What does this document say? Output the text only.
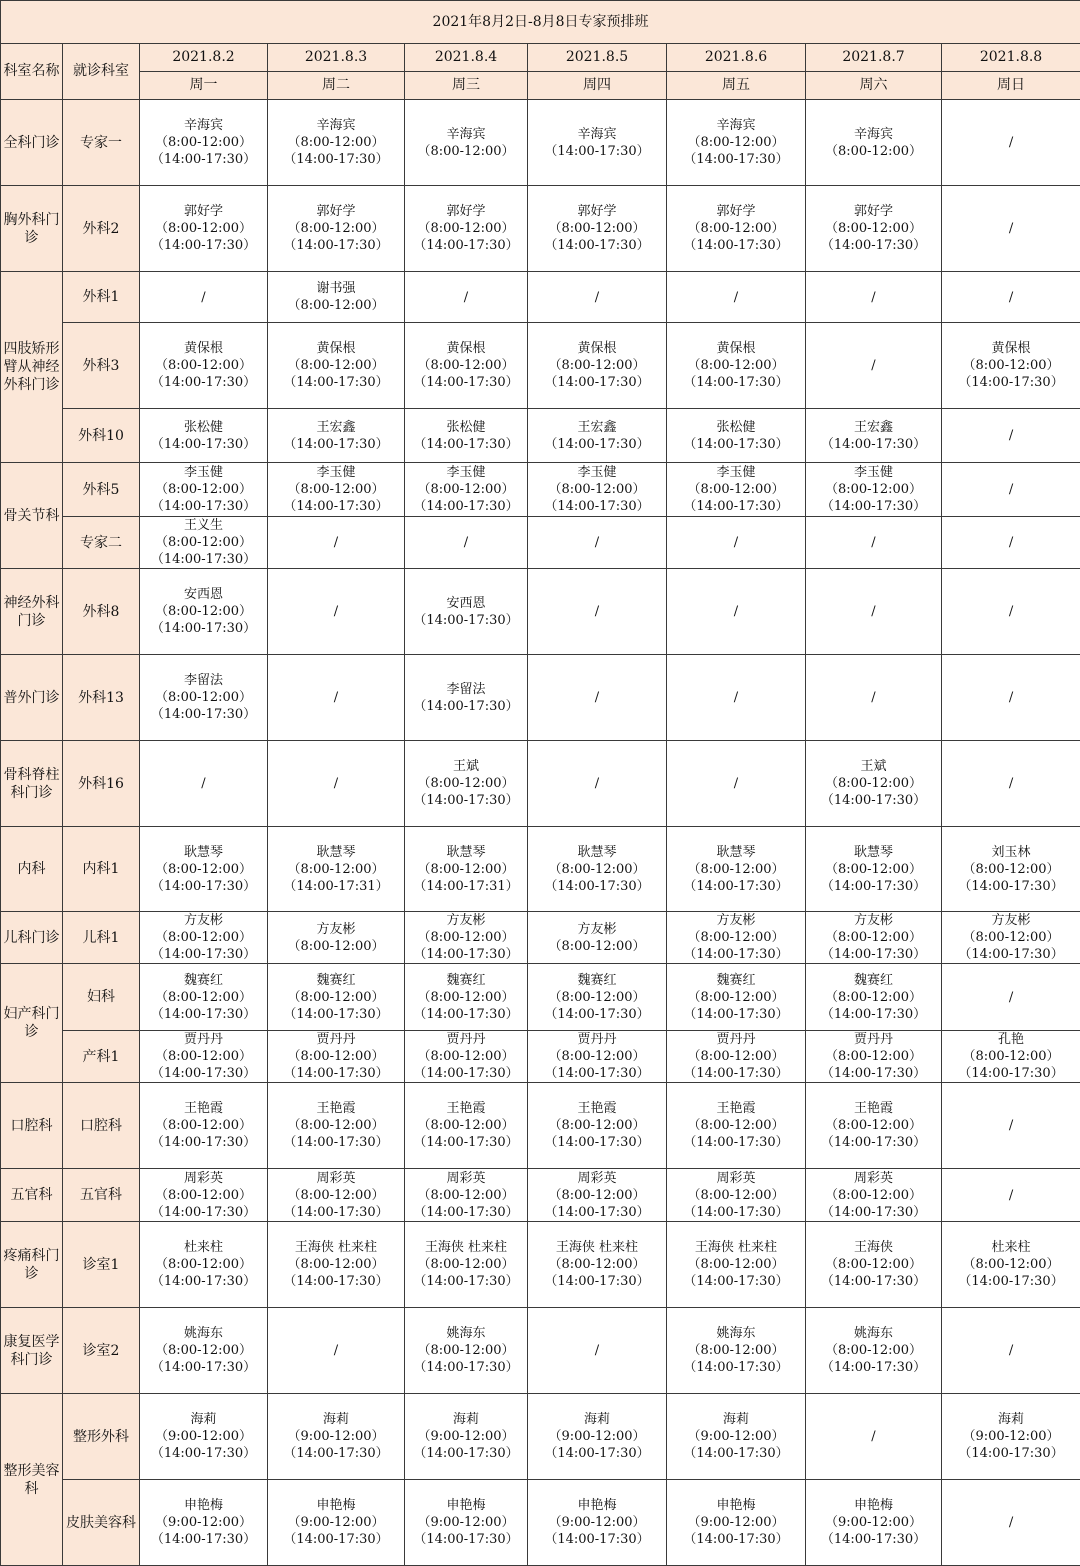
2021年8月2日-8月8日专家预排班								
科室名称	就诊科室	2021.8.2	2021.8.3	2021.8.4	2021.8.5	2021.8.6	2021.8.7	2021.8.8
		周一	周二	周三	周四	周五	周六	周日
全科门诊	专家一	辛海宾
（8:00-12:00）
（14:00-17:30）	辛海宾
（8:00-12:00）
（14:00-17:30）	辛海宾
（8:00-12:00）	辛海宾
（14:00-17:30）	辛海宾
（8:00-12:00）
（14:00-17:30）	辛海宾
（8:00-12:00）	/

胸外科门诊	外科2	郭好学
（8:00-12:00）
（14:00-17:30）	郭好学
（8:00-12:00）
（14:00-17:30）	郭好学
（8:00-12:00）
（14:00-17:30）	郭好学
（8:00-12:00）
（14:00-17:30）	郭好学
（8:00-12:00）
（14:00-17:30）	郭好学
（8:00-12:00）
（14:00-17:30）	/

四肢矫形臂从神经外科门诊	外科1	/	谢书强
（8:00-12:00）	/	/	/	/	/

	外科3	黄保根
（8:00-12:00）
（14:00-17:30）	黄保根
（8:00-12:00）
（14:00-17:30）	黄保根
（8:00-12:00）
（14:00-17:30）	黄保根
（8:00-12:00）
（14:00-17:30）	黄保根
（8:00-12:00）
（14:00-17:30）	/	黄保根
（8:00-12:00）
（14:00-17:30）

	外科10	张松健
（14:00-17:30）	王宏鑫
（14:00-17:30）	张松健
（14:00-17:30）	王宏鑫
（14:00-17:30）	张松健
（14:00-17:30）	王宏鑫
（14:00-17:30）	/

骨关节科	外科5	李玉健
（8:00-12:00）
（14:00-17:30）	李玉健
（8:00-12:00）
（14:00-17:30）	李玉健
（8:00-12:00）
（14:00-17:30）	李玉健
（8:00-12:00）
（14:00-17:30）	李玉健
（8:00-12:00）
（14:00-17:30）	李玉健
（8:00-12:00）
（14:00-17:30）	/

	专家二	王义生
（8:00-12:00）
（14:00-17:30）	/	/	/	/	/	/

神经外科门诊	外科8	安西恩
（8:00-12:00）
（14:00-17:30）	/	安西恩
（14:00-17:30）	/	/	/	/

普外门诊	外科13	李留法
（8:00-12:00）
（14:00-17:30）	/	李留法
（14:00-17:30）	/	/	/	/

骨科脊柱科门诊	外科16	/	/	王斌
（8:00-12:00）
（14:00-17:30）	/	/	王斌
（8:00-12:00）
（14:00-17:30）	/

内科	内科1	耿慧琴
（8:00-12:00）
（14:00-17:30）	耿慧琴
（8:00-12:00）
（14:00-17:31）	耿慧琴
（8:00-12:00）
（14:00-17:31）	耿慧琴
（8:00-12:00）
（14:00-17:30）	耿慧琴
（8:00-12:00）
（14:00-17:30）	耿慧琴
（8:00-12:00）
（14:00-17:30）	刘玉林
（8:00-12:00）
（14:00-17:30）

儿科门诊	儿科1	方友彬
（8:00-12:00）
（14:00-17:30）	方友彬
（8:00-12:00）	方友彬
（8:00-12:00）
（14:00-17:30）	方友彬
（8:00-12:00）	方友彬
（8:00-12:00）
（14:00-17:30）	方友彬
（8:00-12:00）
（14:00-17:30）	方友彬
（8:00-12:00）
（14:00-17:30）

妇产科门诊	妇科	魏赛红
（8:00-12:00）
（14:00-17:30）	魏赛红
（8:00-12:00）
（14:00-17:30）	魏赛红
（8:00-12:00）
（14:00-17:30）	魏赛红
（8:00-12:00）
（14:00-17:30）	魏赛红
（8:00-12:00）
（14:00-17:30）	魏赛红
（8:00-12:00）
（14:00-17:30）	/

	产科1	贾丹丹
（8:00-12:00）
（14:00-17:30）	贾丹丹
（8:00-12:00）
（14:00-17:30）	贾丹丹
（8:00-12:00）
（14:00-17:30）	贾丹丹
（8:00-12:00）
（14:00-17:30）	贾丹丹
（8:00-12:00）
（14:00-17:30）	贾丹丹
（8:00-12:00）
（14:00-17:30）	孔艳
（8:00-12:00）
（14:00-17:30）

口腔科	口腔科	王艳霞
（8:00-12:00）
（14:00-17:30）	王艳霞
（8:00-12:00）
（14:00-17:30）	王艳霞
（8:00-12:00）
（14:00-17:30）	王艳霞
（8:00-12:00）
（14:00-17:30）	王艳霞
（8:00-12:00）
（14:00-17:30）	王艳霞
（8:00-12:00）
（14:00-17:30）	/

五官科	五官科	周彩英
（8:00-12:00）
（14:00-17:30）	周彩英
（8:00-12:00）
（14:00-17:30）	周彩英
（8:00-12:00）
（14:00-17:30）	周彩英
（8:00-12:00）
（14:00-17:30）	周彩英
（8:00-12:00）
（14:00-17:30）	周彩英
（8:00-12:00）
（14:00-17:30）	/

疼痛科门诊	诊室1	杜来柱
（8:00-12:00）
（14:00-17:30）	王海侠 杜来柱
（8:00-12:00）
（14:00-17:30）	王海侠 杜来柱
（8:00-12:00）
（14:00-17:30）	王海侠 杜来柱
（8:00-12:00）
（14:00-17:30）	王海侠 杜来柱
（8:00-12:00）
（14:00-17:30）	王海侠
（8:00-12:00）
（14:00-17:30）	杜来柱
（8:00-12:00）
（14:00-17:30）

康复医学科门诊	诊室2	姚海东
（8:00-12:00）
（14:00-17:30）	/	姚海东
（8:00-12:00）
（14:00-17:30）	/	姚海东
（8:00-12:00）
（14:00-17:30）	姚海东
（8:00-12:00）
（14:00-17:30）	/

整形美容科	整形外科	海莉
（9:00-12:00）
（14:00-17:30）	海莉
（9:00-12:00）
（14:00-17:30）	海莉
（9:00-12:00）
（14:00-17:30）	海莉
（9:00-12:00）
（14:00-17:30）	海莉
（9:00-12:00）
（14:00-17:30）	/	海莉
（9:00-12:00）
（14:00-17:30）

	皮肤美容科	申艳梅
（9:00-12:00）
（14:00-17:30）	申艳梅
（9:00-12:00）
（14:00-17:30）	申艳梅
（9:00-12:00）
（14:00-17:30）	申艳梅
（9:00-12:00）
（14:00-17:30）	申艳梅
（9:00-12:00）
（14:00-17:30）	申艳梅
（9:00-12:00）
（14:00-17:30）	/
